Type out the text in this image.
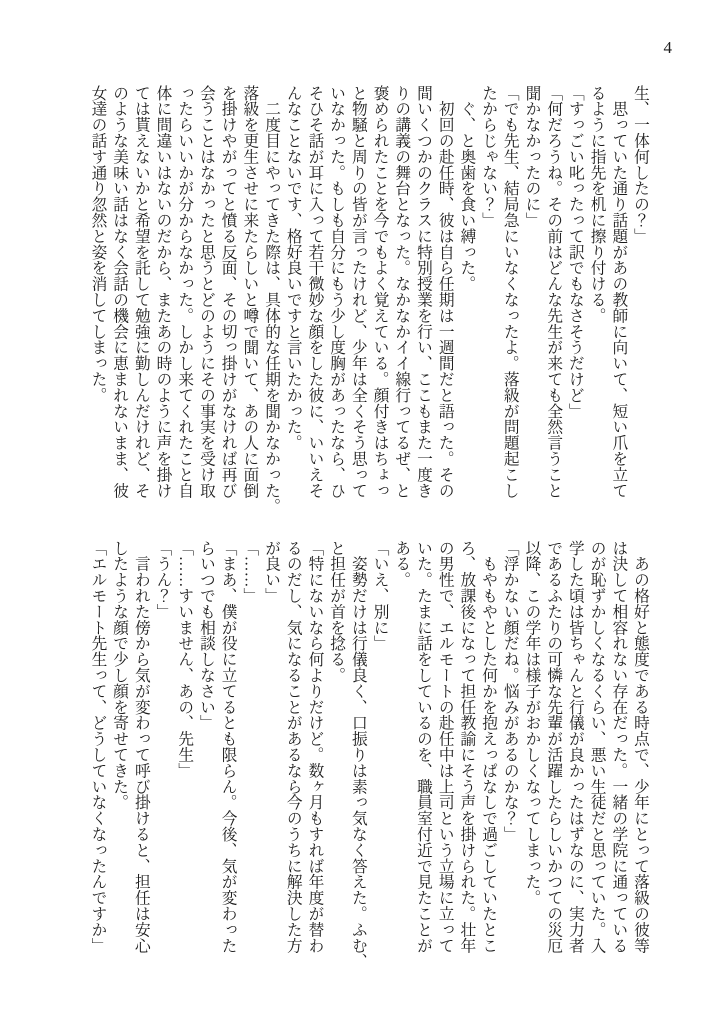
4
生、一体何したの？」
　思っていた通り話題があの教師に向いて、短い爪を立て
るように指先を机に擦り付ける。
「すっごい叱ったって訳でもなさそうだけど」
「何だろうね。その前はどんな先生が来ても全然言うこと
聞かなかったのに」
「でも先生、結局急にいなくなったよ。落級が問題起こし
たからじゃない？」
　ぐ、と奥歯を食い縛った。
　初回の赴任時、彼は自ら任期は一週間だと語った。その
間いくつかのクラスに特別授業を行い、ここもまた一度き
りの講義の舞台となった。なかなかイイ線行ってるぜ、と
褒められたことを今でもよく覚えている。顔付きはちょっ
と物騒と周りの皆が言ったけれど、少年は全くそう思って
いなかった。もしも自分にもう少し度胸があったなら、ひ
そひそ話が耳に入って若干微妙な顔をした彼に、いいえそ
んなことないです、格好良いですと言いたかった。
　二度目にやってきた際は、具体的な任期を聞かなかった。
落級を更生させに来たらしいと噂で聞いて、あの人に面倒
を掛けやがってと憤る反面、その切っ掛けがなければ再び
会うことはなかったと思うとどのようにその事実を受け取
ったらいいかが分からなかった。しかし来てくれたこと自
体に間違いはないのだから、またあの時のように声を掛け
ては貰えないかと希望を託して勉強に勤しんだけれど、そ
のような美味い話はなく会話の機会に恵まれないまま、彼
女達の話す通り忽然と姿を消してしまった。
　あの格好と態度である時点で、少年にとって落級の彼等
は決して相容れない存在だった。一緒の学院に通っている
のが恥ずかしくなるくらい、悪い生徒だと思っていた。入
学した頃は皆ちゃんと行儀が良かったはずなのに、実力者
であるふたりの可憐な先輩が活躍したらしいかつての災厄
以降、この学年は様子がおかしくなってしまった。
「浮かない顔だね。悩みがあるのかな？」
　もやもやとした何かを抱えっぱなしで過ごしていたとこ
ろ、放課後になって担任教諭にそう声を掛けられた。壮年
の男性で、エルモートの赴任中は上司という立場に立って
いた。たまに話をしているのを、職員室付近で見たことが
ある。
「いえ、別に」
　姿勢だけは行儀良く、口振りは素っ気なく答えた。ふむ、
と担任が首を捻る。
「特にないなら何よりだけど。数ヶ月もすれば年度が替わ
るのだし、気になることがあるなら今のうちに解決した方
が良い」
「……」
「まあ、僕が役に立てるとも限らん。今後、気が変わった
らいつでも相談しなさい」
「……すいません、あの、先生」
「うん？」
　言われた傍から気が変わって呼び掛けると、担任は安心
したような顔で少し顔を寄せてきた。
「エルモート先生って、どうしていなくなったんですか」
